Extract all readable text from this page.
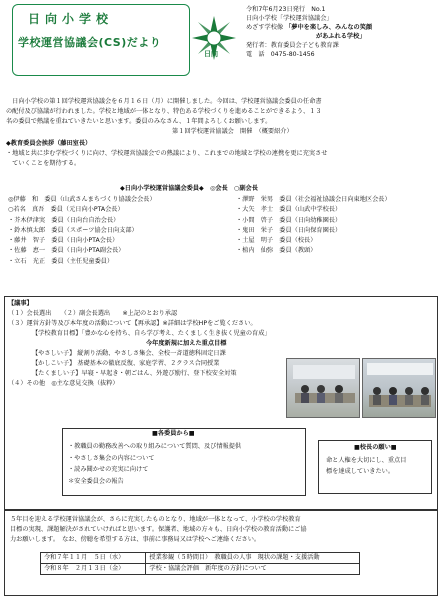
日向小学校
学校運営協議会(CS)だより
日向
令和7年6月23日発行　No.1
日向小学校「学校運営協議会」
めざす学校像 「夢中を楽しみ、みんなの笑顔
があふれる学校」
発行者：教育委員会子ども教育課
電　話　0475-80-1456
　日向小学校の第１回学校運営協議会を６月１６日（月）に開催しました。今回は、学校運営協議会委員の任命書
の配付及び協議が行われました。学校と地域が一体となり、特色ある学校づくりを進めることができるよう、１３
名の委員で熱議を重ねていきたいと思います。委員のみなさん、１年間よろしくお願いします。
第１回学校運営協議会　開催　（概要紹介）
◆教育委員会挨拶（藤田室長）
・地域と共に歩む学校づくりに向け、学校運営協議会での熱議により、これまでの地域と学校の連携を更に充実させ
　ていくことを期待する。
◆日向小学校運営協議会委員◆　◎会長　○副会長
◎伊藤　和　委員（山武さんまちづくり協議会会長）	・澤野　栄男　委員（社会福祉協議会日向東地区会長）
○若名　真吾　委員（元日向小PTA会長）	・大矢　孝士　委員（山武中学校長）
・芥木伊津実　委員（日向台自治会長）	・小間　啓子　委員（日向幼稚園長）
・鈴木慎太郎　委員（スポーツ協会日向支部）	・鬼田　栄子　委員（日向保育園長）
・藤井　智子　委員（日向小PTA会長）	・土屋　明子　委員（校長）
・佐藤　恵一　委員（日向小PTA副会長）	・植内　仙弥　委員（教頭）
・立石　光正　委員（主任児童委員）
【議事】
（１）会長選出　　（２）副会長選出　　※上記のとおり承認
（３）運営方針等及び本年度の活動について【再承認】※詳細は学校HPをご覧ください。
【学校教育目標】「豊かな心を持ち、自ら学び考え、たくましく生き抜く児童の育成」
今年度新規に加えた重点目標
【やさしい子】 縦割り活動、やさしさ集会、全校一斉道徳科固定日課
【かしこい子】 基礎基本の徹底反復、家庭学習、２クラス合同授業
【たくましい子】早寝・早起き・朝ごはん、外遊び励行、登下校安全対策
（４）その他　◎主な意見交換（抜粋）
■各委員から■
・教職員の勤務改善への取り組みについて質問、及び情報提供
・やさしさ集会の内容について
・読み聞かせの充実に向けて
＊安全委員会の報告
■校長の願い■
命と人権を大切にし、重点目
標を達成していきたい。
５年目を迎える学校運営協議会が、さらに充実したものとなり、地域が一体となって、小学校の学校教育
目標の実現、課題解決がされていければと思います。保護者、地域の方々も、日向小学校の教育活動にご協
力お願いします。　なお、傍聴を希望する方は、事前に事務局又は学校へご連絡ください。
令和７年１１月　５日（水）	授業参観（５時間目）　教職員の人事　現状の課題・支援活動
令和８年　２月１３日（金）	学校・協議会評価　新年度の方針について
